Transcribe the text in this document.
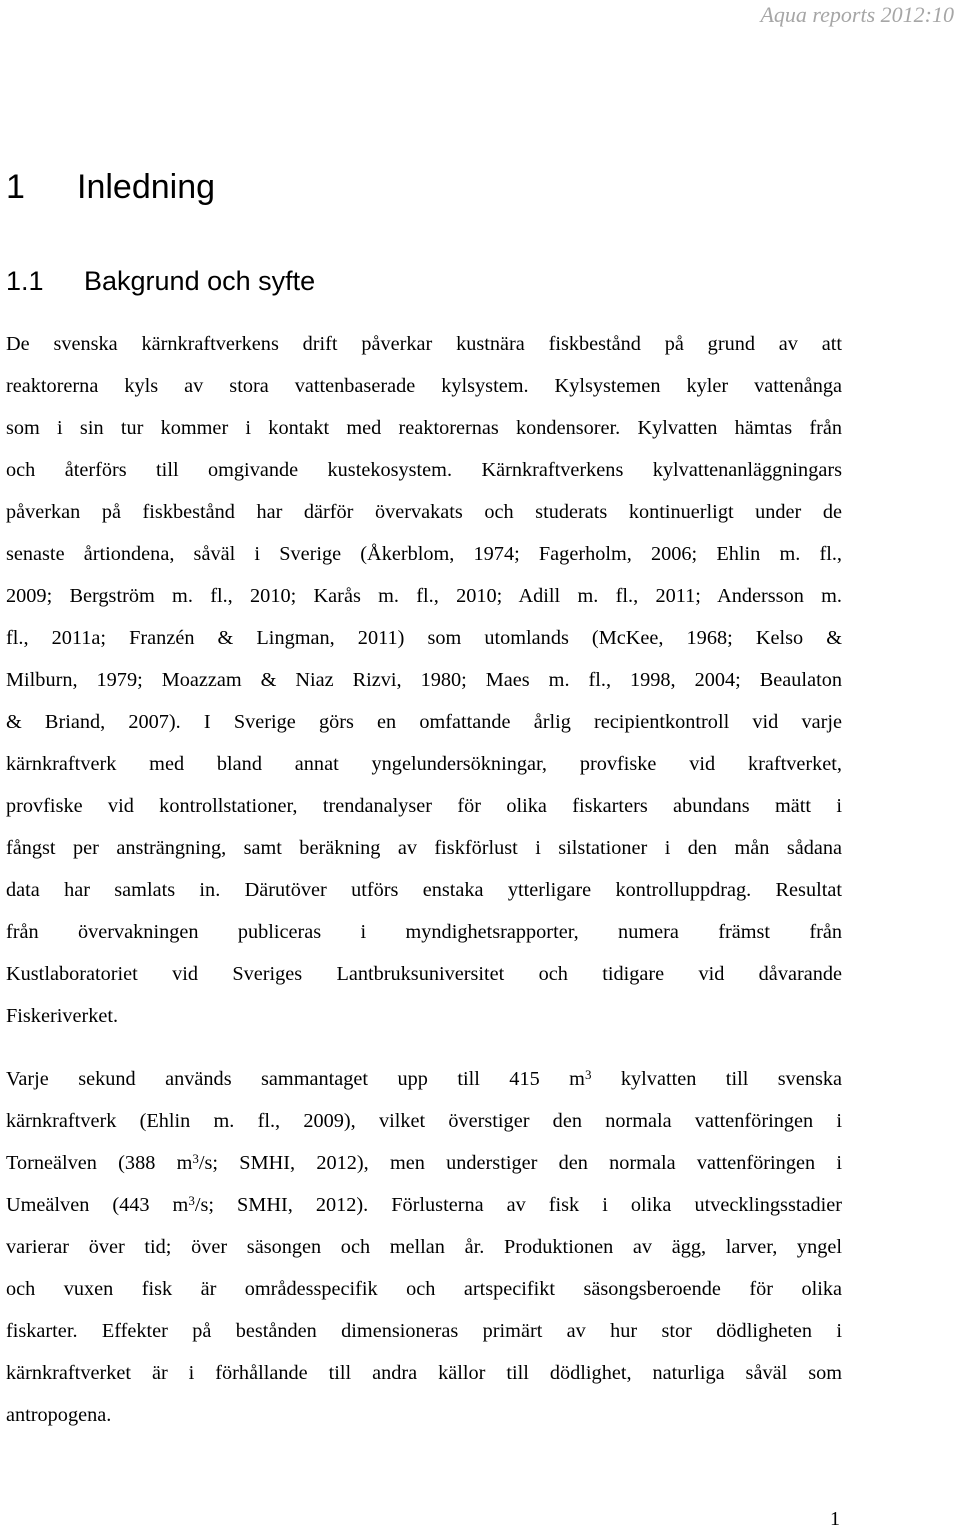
Aqua reports 2012:10
1 Inledning
1.1 Bakgrund och syfte
De svenska kärnkraftverkens drift påverkar kustnära fiskbestånd på grund av att
reaktorerna kyls av stora vattenbaserade kylsystem. Kylsystemen kyler vattenånga
som i sin tur kommer i kontakt med reaktorernas kondensorer. Kylvatten hämtas från
och återförs till omgivande kustekosystem. Kärnkraftverkens kylvattenanläggningars
påverkan på fiskbestånd har därför övervakats och studerats kontinuerligt under de
senaste årtiondena, såväl i Sverige (Åkerblom, 1974; Fagerholm, 2006; Ehlin m. fl.,
2009; Bergström m. fl., 2010; Karås m. fl., 2010; Adill m. fl., 2011; Andersson m.
fl., 2011a; Franzén & Lingman, 2011) som utomlands (McKee, 1968; Kelso &
Milburn, 1979; Moazzam & Niaz Rizvi, 1980; Maes m. fl., 1998, 2004; Beaulaton
& Briand, 2007). I Sverige görs en omfattande årlig recipientkontroll vid varje
kärnkraftverk med bland annat yngelundersökningar, provfiske vid kraftverket,
provfiske vid kontrollstationer, trendanalyser för olika fiskarters abundans mätt i
fångst per ansträngning, samt beräkning av fiskförlust i silstationer i den mån sådana
data har samlats in. Därutöver utförs enstaka ytterligare kontrolluppdrag. Resultat
från övervakningen publiceras i myndighetsrapporter, numera främst från
Kustlaboratoriet vid Sveriges Lantbruksuniversitet och tidigare vid dåvarande
Fiskeriverket.
Varje sekund används sammantaget upp till 415 $m^3$ kylvatten till svenska
kärnkraftverk (Ehlin m. fl., 2009), vilket överstiger den normala vattenföringen i
Torneälven (388 $m^3/s$; SMHI, 2012), men understiger den normala vattenföringen i
Umeälven (443 $m^3/s$; SMHI, 2012). Förlusterna av fisk i olika utvecklingsstadier
varierar över tid; över säsongen och mellan år. Produktionen av ägg, larver, yngel
och vuxen fisk är områdesspecifik och artspecifikt säsongsberoende för olika
fiskarter. Effekter på bestånden dimensioneras primärt av hur stor dödligheten i
kärnkraftverket är i förhållande till andra källor till dödlighet, naturliga såväl som
antropogena.
1
